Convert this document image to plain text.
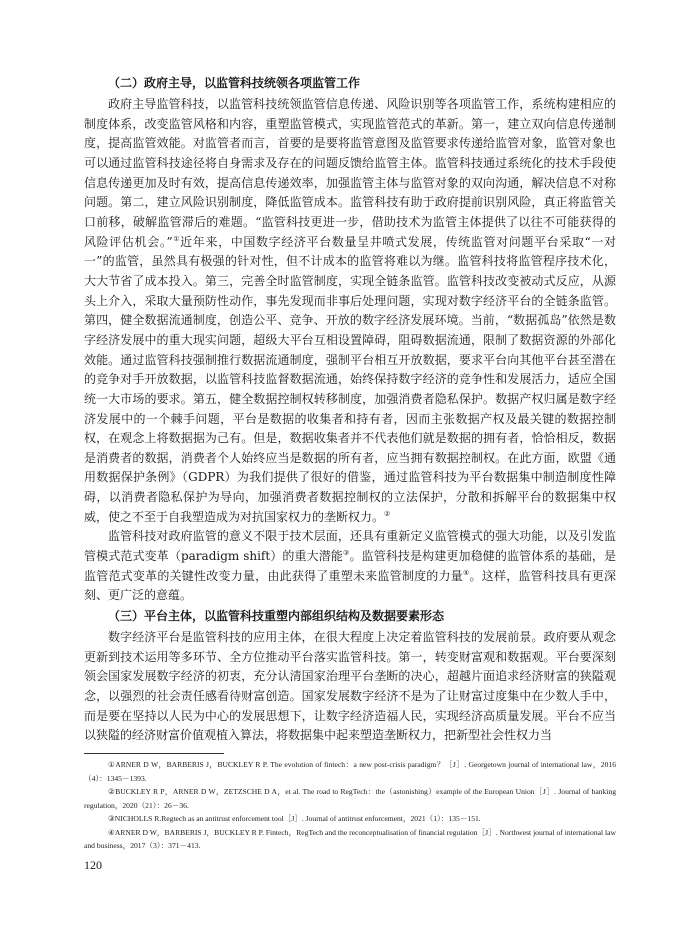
（二）政府主导，以监管科技统领各项监管工作

政府主导监管科技，以监管科技统领监管信息传递、风险识别等各项监管工作，系统构建相应的制度体系，改变监管风格和内容，重塑监管模式，实现监管范式的革新。第一，建立双向信息传递制度，提高监管效能。对监管者而言，首要的是要将监管意图及监管要求传递给监管对象，监管对象也可以通过监管科技途径将自身需求及存在的问题反馈给监管主体。监管科技通过系统化的技术手段使信息传递更加及时有效，提高信息传递效率，加强监管主体与监管对象的双向沟通，解决信息不对称问题。第二，建立风险识别制度，降低监管成本。监管科技有助于政府提前识别风险，真正将监管关口前移，破解监管滞后的难题。“监管科技更进一步，借助技术为监管主体提供了以往不可能获得的风险评估机会。”①近年来，中国数字经济平台数量呈井喷式发展，传统监管对问题平台采取“一对一”的监管，虽然具有极强的针对性，但不计成本的监管将难以为继。监管科技将监管程序技术化，大大节省了成本投入。第三，完善全时监管制度，实现全链条监管。监管科技改变被动式反应，从源头上介入，采取大量预防性动作，事先发现而非事后处理问题，实现对数字经济平台的全链条监管。第四，健全数据流通制度，创造公平、竞争、开放的数字经济发展环境。当前，“数据孤岛”依然是数字经济发展中的重大现实问题，超级大平台互相设置障碍，阻碍数据流通，限制了数据资源的外部化效能。通过监管科技强制推行数据流通制度，强制平台相互开放数据，要求平台向其他平台甚至潜在的竞争对手开放数据，以监管科技监督数据流通，始终保持数字经济的竞争性和发展活力，适应全国统一大市场的要求。第五，健全数据控制权转移制度，加强消费者隐私保护。数据产权归属是数字经济发展中的一个棘手问题，平台是数据的收集者和持有者，因而主张数据产权及最关键的数据控制权，在观念上将数据据为己有。但是，数据收集者并不代表他们就是数据的拥有者，恰恰相反，数据是消费者的数据，消费者个人始终应当是数据的所有者，应当拥有数据控制权。在此方面，欧盟《通用数据保护条例》（GDPR）为我们提供了很好的借鉴，通过监管科技为平台数据集中制造制度性障碍，以消费者隐私保护为导向，加强消费者数据控制权的立法保护，分散和拆解平台的数据集中权威，使之不至于自我塑造成为对抗国家权力的垄断权力。②

监管科技对政府监管的意义不限于技术层面，还具有重新定义监管模式的强大功能，以及引发监管模式范式变革（paradigm shift）的重大潜能③。监管科技是构建更加稳健的监管体系的基础，是监管范式变革的关键性改变力量，由此获得了重塑未来监管制度的力量④。这样，监管科技具有更深刻、更广泛的意蕴。

（三）平台主体，以监管科技重塑内部组织结构及数据要素形态

数字经济平台是监管科技的应用主体，在很大程度上决定着监管科技的发展前景。政府要从观念更新到技术运用等多环节、全方位推动平台落实监管科技。第一，转变财富观和数据观。平台要深刻领会国家发展数字经济的初衷，充分认清国家治理平台垄断的决心，超越片面追求经济财富的狭隘观念，以强烈的社会责任感看待财富创造。国家发展数字经济不是为了让财富过度集中在少数人手中，而是要在坚持以人民为中心的发展思想下，让数字经济造福人民，实现经济高质量发展。平台不应当以狭隘的经济财富价值观植入算法，将数据集中起来塑造垄断权力，把新型社会性权力当

①ARNER D W，BARBERIS J，BUCKLEY R P. The evolution of fintech：a new post-crisis paradigm？［J］. Georgetown journal of international law，2016（4）：1345－1393.

②BUCKLEY R P，ARNER D W，ZETZSCHE D A，et al. The road to RegTech：the（astonishing）example of the European Union［J］. Journal of banking regulation，2020（21）：26－36.

③NICHOLLS R.Regtech as an antitrust enforcement tool［J］. Journal of antitrust enforcement，2021（1）：135－151.

④ARNER D W，BARBERIS J，BUCKLEY R P. Fintech，RegTech and the reconceptualisation of financial regulation［J］. Northwest journal of international law and business，2017（3）：371－413.

120
